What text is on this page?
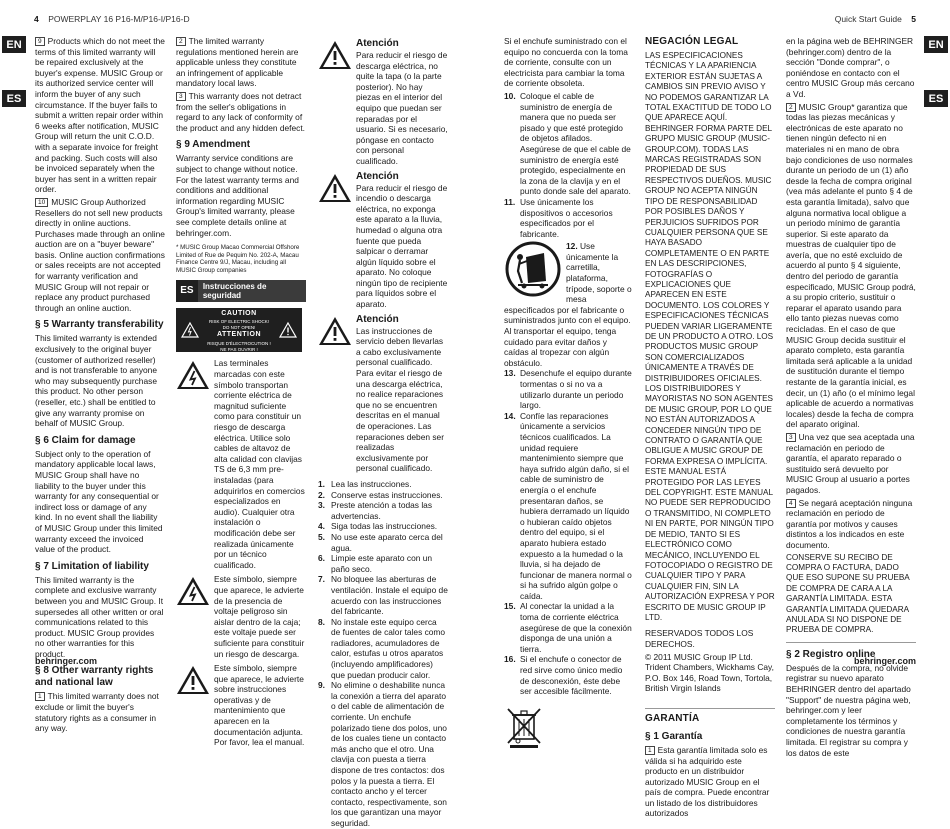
4 POWERPLAY 16 P16-M/P16-I/P16-D	Quick Start Guide 5
EN
ES
EN
ES

9 Products which do not meet the terms of this limited warranty will be repaired exclusively at the buyer's expense. MUSIC Group or its authorized service center will inform the buyer of any such circumstance. If the buyer fails to submit a written repair order within 6 weeks after notification, MUSIC Group will return the unit C.O.D. with a separate invoice for freight and packing. Such costs will also be invoiced separately when the buyer has sent in a written repair order.

10 MUSIC Group Authorized Resellers do not sell new products directly in online auctions. Purchases made through an online auction are on a "buyer beware" basis. Online auction confirmations or sales receipts are not accepted for warranty verification and MUSIC Group will not repair or replace any product purchased through an online auction.

§ 5 Warranty transferability

This limited warranty is extended exclusively to the original buyer (customer of authorized reseller) and is not transferable to anyone who may subsequently purchase this product. No other person (reseller, etc.) shall be entitled to give any warranty promise on behalf of MUSIC Group.

§ 6 Claim for damage

Subject only to the operation of mandatory applicable local laws, MUSIC Group shall have no liability to the buyer under this warranty for any consequential or indirect loss or damage of any kind. In no event shall the liability of MUSIC Group under this limited warranty exceed the invoiced value of the product.

§ 7 Limitation of liability

This limited warranty is the complete and exclusive warranty between you and MUSIC Group. It supersedes all other written or oral communications related to this product. MUSIC Group provides no other warranties for this product.

§ 8 Other warranty rights and national law

1 This limited warranty does not exclude or limit the buyer's statutory rights as a consumer in any way.

2 The limited warranty regulations mentioned herein are applicable unless they constitute an infringement of applicable mandatory local laws.

3 This warranty does not detract from the seller's obligations in regard to any lack of conformity of the product and any hidden defect.

§ 9 Amendment

Warranty service conditions are subject to change without notice. For the latest warranty terms and conditions and additional information regarding MUSIC Group's limited warranty, please see complete details online at behringer.com.

* MUSIC Group Macao Commercial Offshore Limited of Rue de Pequim No. 202-A, Macau Finance Centre 9/J, Macau, including all MUSIC Group companies

ES	Instrucciones de seguridad
CAUTION
RISK OF ELECTRIC SHOCK!
DO NOT OPEN!
ATTENTION
RISQUE D'ÉLECTROCUTION !
NE PAS OUVRIR !

Las terminales marcadas con este símbolo transportan corriente eléctrica de magnitud suficiente como para constituir un riesgo de descarga eléctrica. Utilice solo cables de altavoz de alta calidad con clavijas TS de 6,3 mm pre-instaladas (para adquirirlos en comercios especializados en audio). Cualquier otra instalación o modificación debe ser realizada únicamente por un técnico cualificado.

Este símbolo, siempre que aparece, le advierte de la presencia de voltaje peligroso sin aislar dentro de la caja; este voltaje puede ser suficiente para constituir un riesgo de descarga.

Este símbolo, siempre que aparece, le advierte sobre instrucciones operativas y de mantenimiento que aparecen en la documentación adjunta. Por favor, lea el manual.

Atención

Para reducir el riesgo de descarga eléctrica, no quite la tapa (o la parte posterior). No hay piezas en el interior del equipo que puedan ser reparadas por el usuario. Si es necesario, póngase en contacto con personal cualificado.

Atención

Para reducir el riesgo de incendio o descarga eléctrica, no exponga este aparato a la lluvia, humedad o alguna otra fuente que pueda salpicar o derramar algún líquido sobre el aparato. No coloque ningún tipo de recipiente para líquidos sobre el aparato.

Atención

Las instrucciones de servicio deben llevarlas a cabo exclusivamente personal cualificado. Para evitar el riesgo de una descarga eléctrica, no realice reparaciones que no se encuentren descritas en el manual de operaciones. Las reparaciones deben ser realizadas exclusivamente por personal cualificado.

1. Lea las instrucciones.
2. Conserve estas instrucciones.
3. Preste atención a todas las advertencias.
4. Siga todas las instrucciones.
5. No use este aparato cerca del agua.
6. Limpie este aparato con un paño seco.
7. No bloquee las aberturas de ventilación. Instale el equipo de acuerdo con las instrucciones del fabricante.
8. No instale este equipo cerca de fuentes de calor tales como radiadores, acumuladores de calor, estufas u otros aparatos (incluyendo amplificadores) que puedan producir calor.
9. No elimine o deshabilite nunca la conexión a tierra del aparato o del cable de alimentación de corriente. Un enchufe polarizado tiene dos polos, uno de los cuales tiene un contacto más ancho que el otro. Una clavija con puesta a tierra dispone de tres contactos: dos polos y la puesta a tierra. El contacto ancho y el tercer contacto, respectivamente, son los que garantizan una mayor seguridad.

Si el enchufe suministrado con el equipo no concuerda con la toma de corriente, consulte con un electricista para cambiar la toma de corriente obsoleta.

10. Coloque el cable de suministro de energía de manera que no pueda ser pisado y que esté protegido de objetos afilados. Asegúrese de que el cable de suministro de energía esté protegido, especialmente en la zona de la clavija y en el punto donde sale del aparato.
11. Use únicamente los dispositivos o accesorios especificados por el fabricante.
12. Use únicamente la carretilla, plataforma, trípode, soporte o mesa especificados por el fabricante o suministrados junto con el equipo. Al transportar el equipo, tenga cuidado para evitar daños y caídas al tropezar con algún obstáculo.
13. Desenchufe el equipo durante tormentas o si no va a utilizarlo durante un periodo largo.
14. Confíe las reparaciones únicamente a servicios técnicos cualificados. La unidad requiere mantenimiento siempre que haya sufrido algún daño, si el cable de suministro de energía o el enchufe presentaran daños, se hubiera derramado un líquido o hubieran caído objetos dentro del equipo, si el aparato hubiera estado expuesto a la humedad o la lluvia, si ha dejado de funcionar de manera normal o si ha sufrido algún golpe o caída.
15. Al conectar la unidad a la toma de corriente eléctrica asegúrese de que la conexión disponga de una unión a tierra.
16. Si el enchufe o conector de red sirve como único medio de desconexión, éste debe ser accesible fácilmente.
NEGACIÓN LEGAL

LAS ESPECIFICACIONES TÉCNICAS Y LA APARIENCIA EXTERIOR ESTÁN SUJETAS A CAMBIOS SIN PREVIO AVISO Y NO PODEMOS GARANTIZAR LA TOTAL EXACTITUD DE TODO LO QUE APARECE AQUÍ. BEHRINGER FORMA PARTE DEL GRUPO MUSIC GROUP (MUSIC-GROUP.COM). TODAS LAS MARCAS REGISTRADAS SON PROPIEDAD DE SUS RESPECTIVOS DUEÑOS. MUSIC GROUP NO ACEPTA NINGÚN TIPO DE RESPONSABILIDAD POR POSIBLES DAÑOS Y PERJUICIOS SUFRIDOS POR CUALQUIER PERSONA QUE SE HAYA BASADO COMPLETAMENTE O EN PARTE EN LAS DESCRIPCIONES, FOTOGRAFÍAS O EXPLICACIONES QUE APARECEN EN ESTE DOCUMENTO. LOS COLORES Y ESPECIFICACIONES TÉCNICAS PUEDEN VARIAR LIGERAMENTE DE UN PRODUCTO A OTRO. LOS PRODUCTOS MUSIC GROUP SON COMERCIALIZADOS ÚNICAMENTE A TRAVÉS DE DISTRIBUIDORES OFICIALES. LOS DISTRIBUIDORES Y MAYORISTAS NO SON AGENTES DE MUSIC GROUP, POR LO QUE NO ESTÁN AUTORIZADOS A CONCEDER NINGÚN TIPO DE CONTRATO O GARANTÍA QUE OBLIGUE A MUSIC GROUP DE FORMA EXPRESA O IMPLÍCITA. ESTE MANUAL ESTÁ PROTEGIDO POR LAS LEYES DEL COPYRIGHT. ESTE MANUAL NO PUEDE SER REPRODUCIDO O TRANSMITIDO, NI COMPLETO NI EN PARTE, POR NINGÚN TIPO DE MEDIO, TANTO SI ES ELECTRÓNICO COMO MECÁNICO, INCLUYENDO EL FOTOCOPIADO O REGISTRO DE CUALQUIER TIPO Y PARA CUALQUIER FIN, SIN LA AUTORIZACIÓN EXPRESA Y POR ESCRITO DE MUSIC GROUP IP LTD.

RESERVADOS TODOS LOS DERECHOS.

© 2011 MUSIC Group IP Ltd.

Trident Chambers, Wickhams Cay,

P.O. Box 146, Road Town, Tortola,

British Virgin Islands

GARANTÍA
§ 1 Garantía

1 Esta garantía limitada solo es válida si ha adquirido este producto en un distribuidor autorizado MUSIC Group en el país de compra. Puede encontrar un listado de los distribuidores autorizados

en la página web de BEHRINGER (behringer.com) dentro de la sección "Donde comprar", o poniéndose en contacto con el centro MUSIC Group más cercano a Vd.

2 MUSIC Group* garantiza que todas las piezas mecánicas y electrónicas de este aparato no tienen ningún defecto ni en materiales ni en mano de obra bajo condiciones de uso normales durante un periodo de un (1) año desde la fecha de compra original (vea más adelante el punto § 4 de esta garantía limitada), salvo que alguna normativa local obligue a un periodo mínimo de garantía superior. Si este aparato da muestras de cualquier tipo de avería, que no esté excluido de acuerdo al punto § 4 siguiente, dentro del periodo de garantía especificado, MUSIC Group podrá, a su propio criterio, sustituir o reparar el aparato usando para ello tanto piezas nuevas como recicladas. En el caso de que MUSIC Group decida sustituir el aparato completo, esta garantía limitada será aplicable a la unidad de sustitución durante el tiempo restante de la garantía inicial, es decir, un (1) año (o el mínimo legal aplicable de acuerdo a normativas locales) desde la fecha de compra del aparato original.

3 Una vez que sea aceptada una reclamación en periodo de garantía, el aparato reparado o sustituido será devuelto por MUSIC Group al usuario a portes pagados.

4 Se negará aceptación ninguna reclamación en periodo de garantía por motivos y causes distintos a los indicados en este documento.

CONSERVE SU RECIBO DE COMPRA O FACTURA, DADO QUE ESO SUPONE SU PRUEBA DE COMPRA DE CARA A LA GARANTÍA LIMITADA. ESTA GARANTÍA LIMITADA QUEDARA ANULADA SI NO DISPONE DE PRUEBA DE COMPRA.

§ 2 Registro online

Después de la compra, no olvide registrar su nuevo aparato BEHRINGER dentro del apartado "Support" de nuestra página web, behringer.com y leer completamente los términos y condiciones de nuestra garantía limitada. El registrar su compra y los datos de este

behringer.com	behringer.com
